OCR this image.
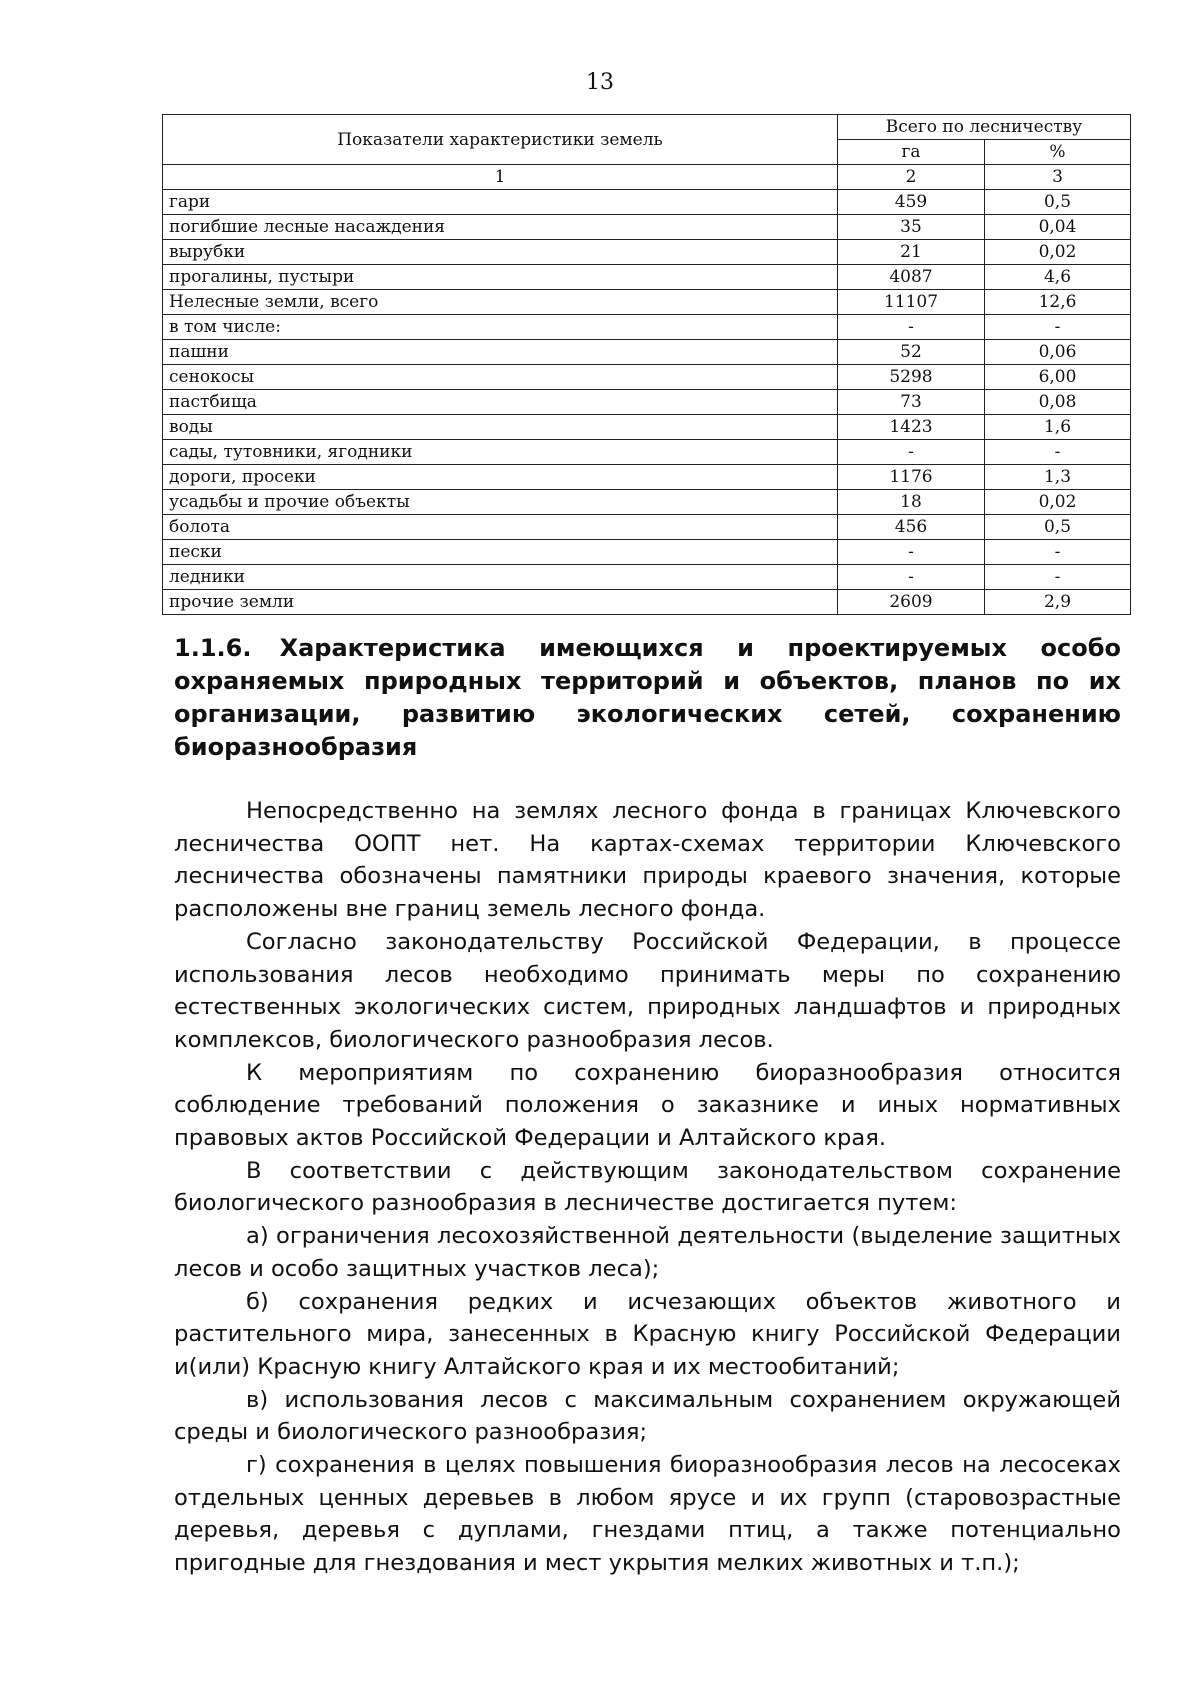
13
Показатели характеристики земель	Всего по лесничеству	
	га	%
1	2	3
гари	459	0,5
погибшие лесные насаждения	35	0,04
вырубки	21	0,02
прогалины, пустыри	4087	4,6
Нелесные земли, всего	11107	12,6
в том числе:	-	-
пашни	52	0,06
сенокосы	5298	6,00
пастбища	73	0,08
воды	1423	1,6
сады, тутовники, ягодники	-	-
дороги, просеки	1176	1,3
усадьбы и прочие объекты	18	0,02
болота	456	0,5
пески	-	-
ледники	-	-
прочие земли	2609	2,9
1.1.6. Характеристика имеющихся и проектируемых особо охраняемых природных территорий и объектов, планов по их организации, развитию экологических сетей, сохранению биоразнообразия

Непосредственно на землях лесного фонда в границах Ключевского лесничества ООПТ нет. На картах-схемах территории Ключевского лесничества обозначены памятники природы краевого значения, которые расположены вне границ земель лесного фонда.

Согласно законодательству Российской Федерации, в процессе использования лесов необходимо принимать меры по сохранению естественных экологических систем, природных ландшафтов и природных комплексов, биологического разнообразия лесов.

К мероприятиям по сохранению биоразнообразия относится соблюдение требований положения о заказнике и иных нормативных правовых актов Российской Федерации и Алтайского края.

В соответствии с действующим законодательством сохранение биологического разнообразия в лесничестве достигается путем:

а) ограничения лесохозяйственной деятельности (выделение защитных лесов и особо защитных участков леса);

б) сохранения редких и исчезающих объектов животного и растительного мира, занесенных в Красную книгу Российской Федерации и(или) Красную книгу Алтайского края и их местообитаний;

в) использования лесов с максимальным сохранением окружающей среды и биологического разнообразия;

г) сохранения в целях повышения биоразнообразия лесов на лесосеках отдельных ценных деревьев в любом ярусе и их групп (старовозрастные деревья, деревья с дуплами, гнездами птиц, а также потенциально пригодные для гнездования и мест укрытия мелких животных и т.п.);
